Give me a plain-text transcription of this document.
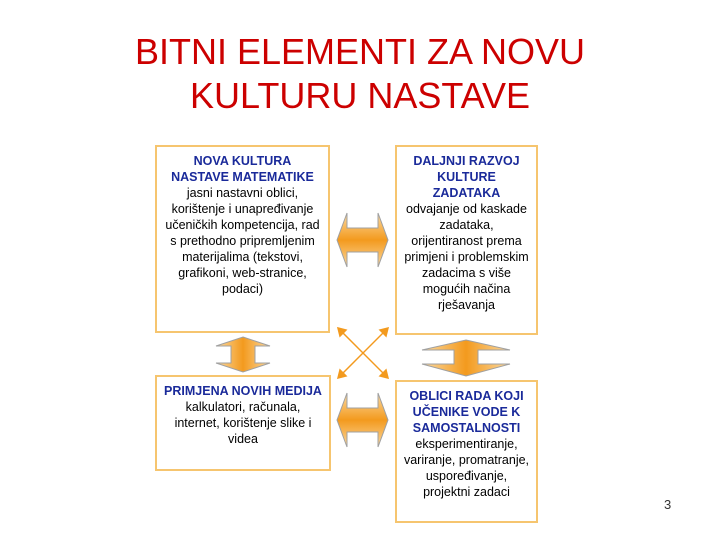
BITNI ELEMENTI ZA NOVU
KULTURU NASTAVE
NOVA KULTURA
NASTAVE MATEMATIKE
jasni nastavni oblici,
korištenje i unapređivanje
učeničkih kompetencija, rad
s prethodno pripremljenim
materijalima (tekstovi,
grafikoni, web-stranice,
podaci)
DALJNJI RAZVOJ
KULTURE
ZADATAKA
odvajanje od kaskade
zadataka,
orijentiranost prema
primjeni i problemskim
zadacima s više
mogućih načina
rješavanja
PRIMJENA NOVIH MEDIJA
kalkulatori, računala,
internet, korištenje slike i
videa
OBLICI RADA KOJI
UČENIKE VODE K
SAMOSTALNOSTI
eksperimentiranje,
variranje, promatranje,
uspoređivanje,
projektni zadaci
3
